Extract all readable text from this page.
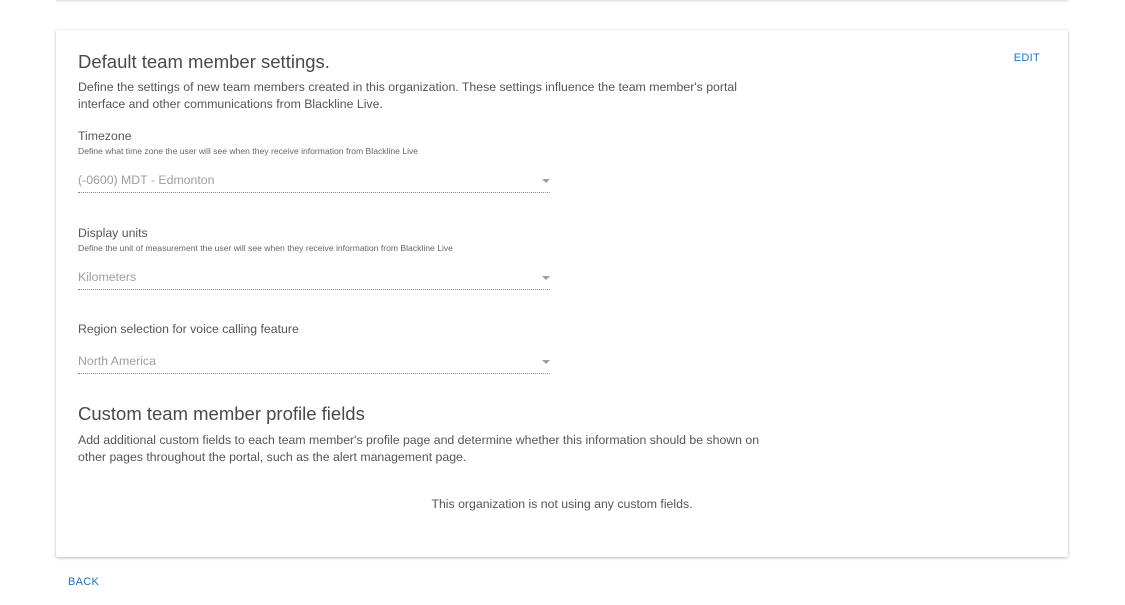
EDIT
Default team member settings.

Define the settings of new team members created in this organization. These settings influence the team member's portal interface and other communications from Blackline Live.

Timezone
Define what time zone the user will see when they receive information from Blackline Live
(-0600) MDT - Edmonton
Display units
Define the unit of measurement the user will see when they receive information from Blackline Live
Kilometers
Region selection for voice calling feature
North America
Custom team member profile fields

Add additional custom fields to each team member's profile page and determine whether this information should be shown on other pages throughout the portal, such as the alert management page.

This organization is not using any custom fields.
BACK
